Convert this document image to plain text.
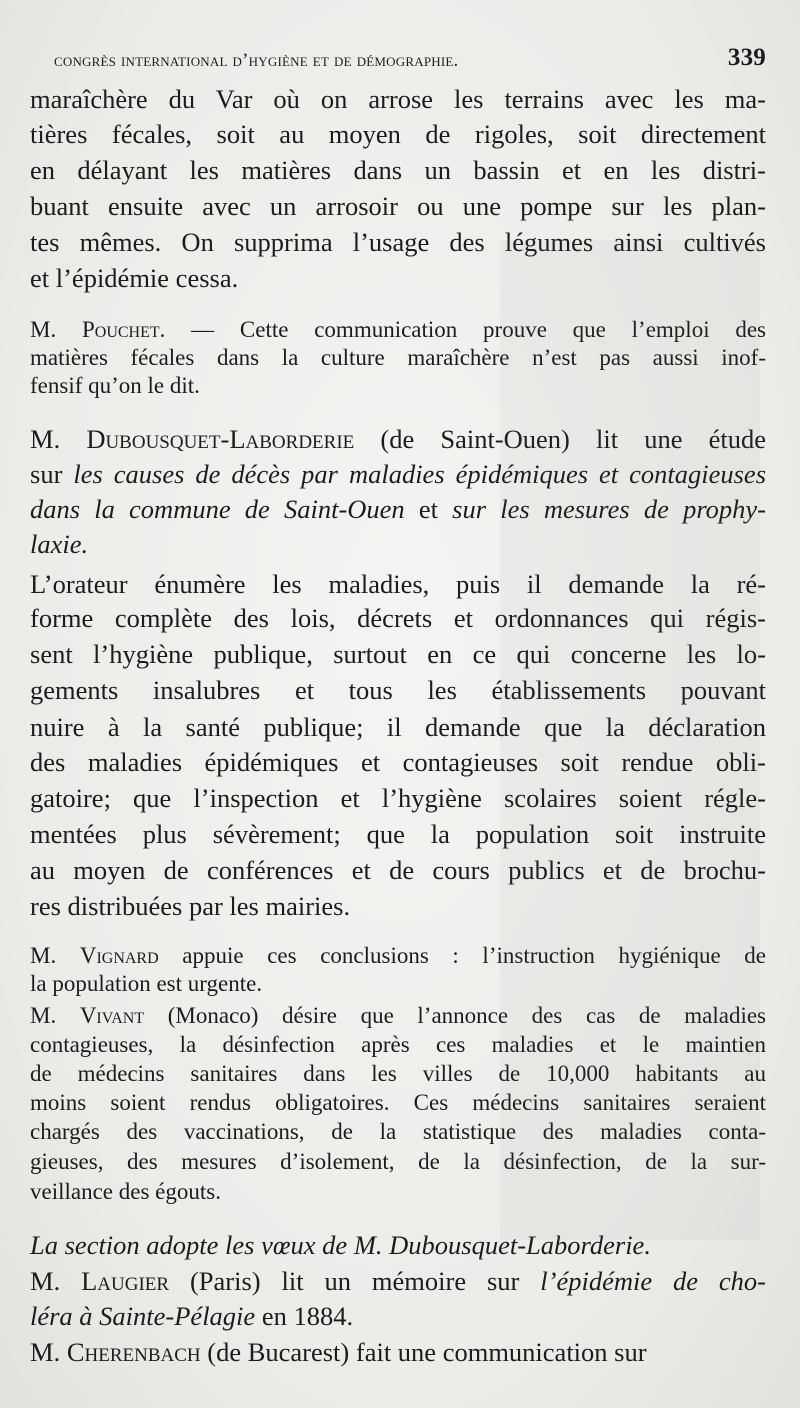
congrès international d’hygiène et de démographie.	339
maraîchère du Var où on arrose les terrains avec les ma-
tières fécales, soit au moyen de rigoles, soit directement
en délayant les matières dans un bassin et en les distri-
buant ensuite avec un arrosoir ou une pompe sur les plan-
tes mêmes. On supprima l’usage des légumes ainsi cultivés
et l’épidémie cessa.
M. Pouchet. — Cette communication prouve que l’emploi des
matières fécales dans la culture maraîchère n’est pas aussi inof-
fensif qu’on le dit.
M. Dubousquet-Laborderie (de Saint-Ouen) lit une étude
sur les causes de décès par maladies épidémiques et contagieuses
dans la commune de Saint-Ouen et sur les mesures de prophy-
laxie.
L’orateur énumère les maladies, puis il demande la ré-
forme complète des lois, décrets et ordonnances qui régis-
sent l’hygiène publique, surtout en ce qui concerne les lo-
gements insalubres et tous les établissements pouvant
nuire à la santé publique; il demande que la déclaration
des maladies épidémiques et contagieuses soit rendue obli-
gatoire; que l’inspection et l’hygiène scolaires soient régle-
mentées plus sévèrement; que la population soit instruite
au moyen de conférences et de cours publics et de brochu-
res distribuées par les mairies.
M. Vignard appuie ces conclusions : l’instruction hygiénique de
la population est urgente.
M. Vivant (Monaco) désire que l’annonce des cas de maladies
contagieuses, la désinfection après ces maladies et le maintien
de médecins sanitaires dans les villes de 10,000 habitants au
moins soient rendus obligatoires. Ces médecins sanitaires seraient
chargés des vaccinations, de la statistique des maladies conta-
gieuses, des mesures d’isolement, de la désinfection, de la sur-
veillance des égouts.
La section adopte les vœux de M. Dubousquet-Laborderie.
M. Laugier (Paris) lit un mémoire sur l’épidémie de cho-
léra à Sainte-Pélagie en 1884.
M. Cherenbach (de Bucarest) fait une communication sur
